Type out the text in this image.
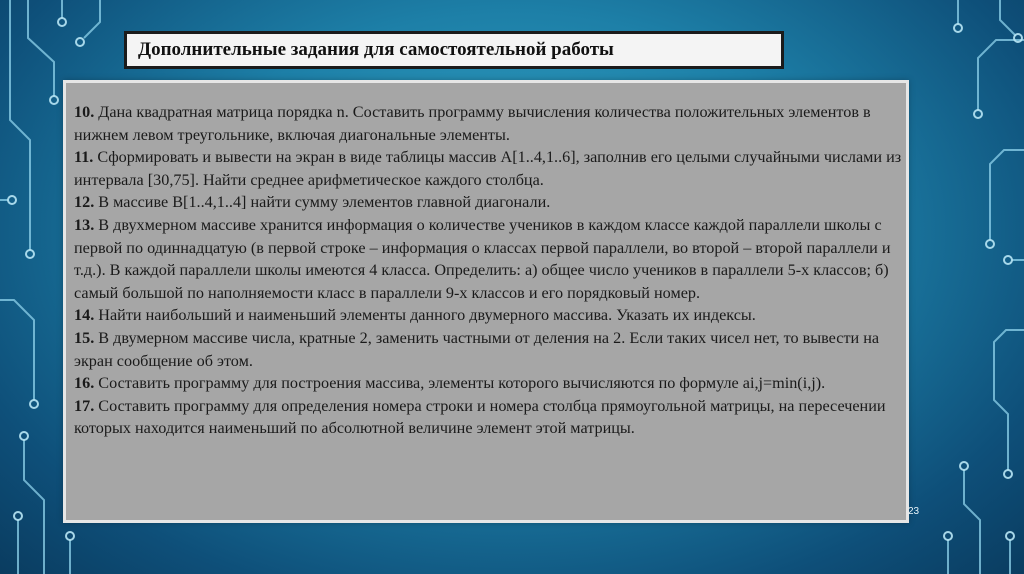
Дополнительные задания для самостоятельной работы

10. Дана квадратная матрица порядка n. Составить программу вычисления количества положительных элементов в нижнем левом треугольнике, включая диагональные элементы.
11. Сформировать и вывести на экран в виде таблицы массив A[1..4,1..6], заполнив его целыми случайными числами из интервала [30,75]. Найти среднее арифметическое каждого столбца.
12. В массиве B[1..4,1..4] найти сумму элементов главной диагонали.
13. В двухмерном массиве хранится информация о количестве учеников в каждом классе каждой параллели школы с первой по одиннадцатую (в первой строке – информация о классах первой параллели, во второй – второй параллели и т.д.). В каждой параллели школы имеются 4 класса. Определить: а) общее число учеников в параллели 5-х классов; б) самый большой по наполняемости класс в параллели 9-х классов и его порядковый номер.
14. Найти наибольший и наименьший элементы данного двумерного массива. Указать их индексы.
15. В двумерном массиве числа, кратные 2, заменить частными от деления на 2. Если таких чисел нет, то вывести на экран сообщение об этом.
16. Составить программу для построения массива, элементы которого вычисляются по формуле ai,j=min(i,j).
17. Составить программу для определения номера строки и номера столбца прямоугольной матрицы, на пересечении которых находится наименьший по абсолютной величине элемент этой матрицы.

23
